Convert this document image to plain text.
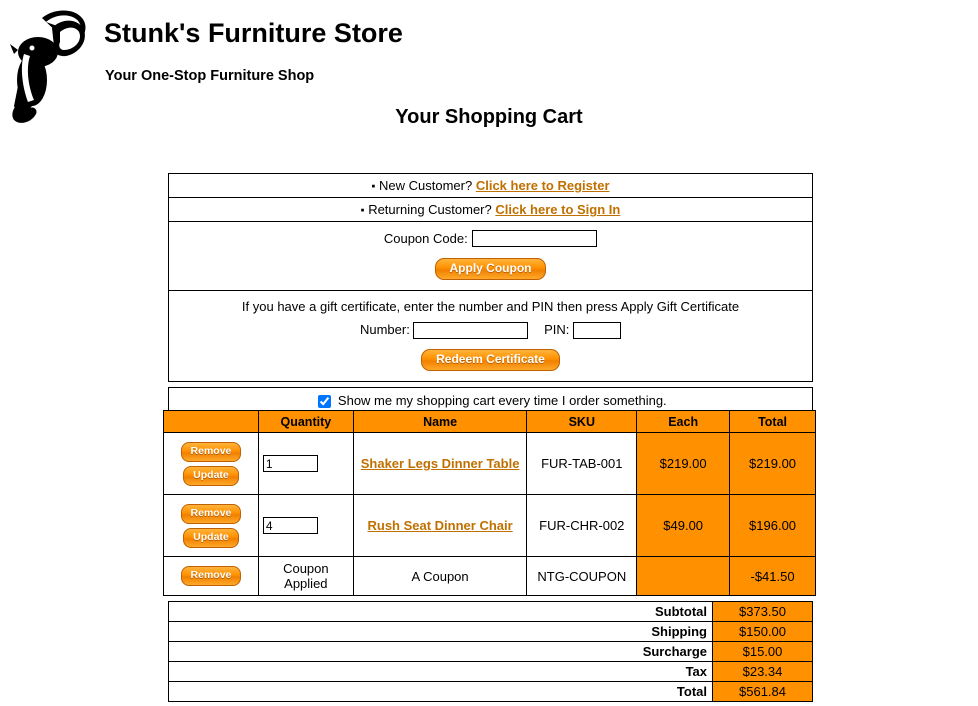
Stunk's Furniture Store
Your One-Stop Furniture Shop
Your Shopping Cart
▪ New Customer? Click here to Register
▪ Returning Customer? Click here to Sign In
Coupon Code:
Apply Coupon
If you have a gift certificate, enter the number and PIN then press Apply Gift Certificate
Number:	PIN:
Redeem Certificate
Show me my shopping cart every time I order something.
	Quantity	Name	SKU	Each	Total
Remove
Update	1	Shaker Legs Dinner Table	FUR-TAB-001	$219.00	$219.00
Remove
Update	4	Rush Seat Dinner Chair	FUR-CHR-002	$49.00	$196.00
Remove	Coupon Applied	A Coupon	NTG-COUPON		-$41.50
Subtotal	$373.50
Shipping	$150.00
Surcharge	$15.00
Tax	$23.34
Total	$561.84
